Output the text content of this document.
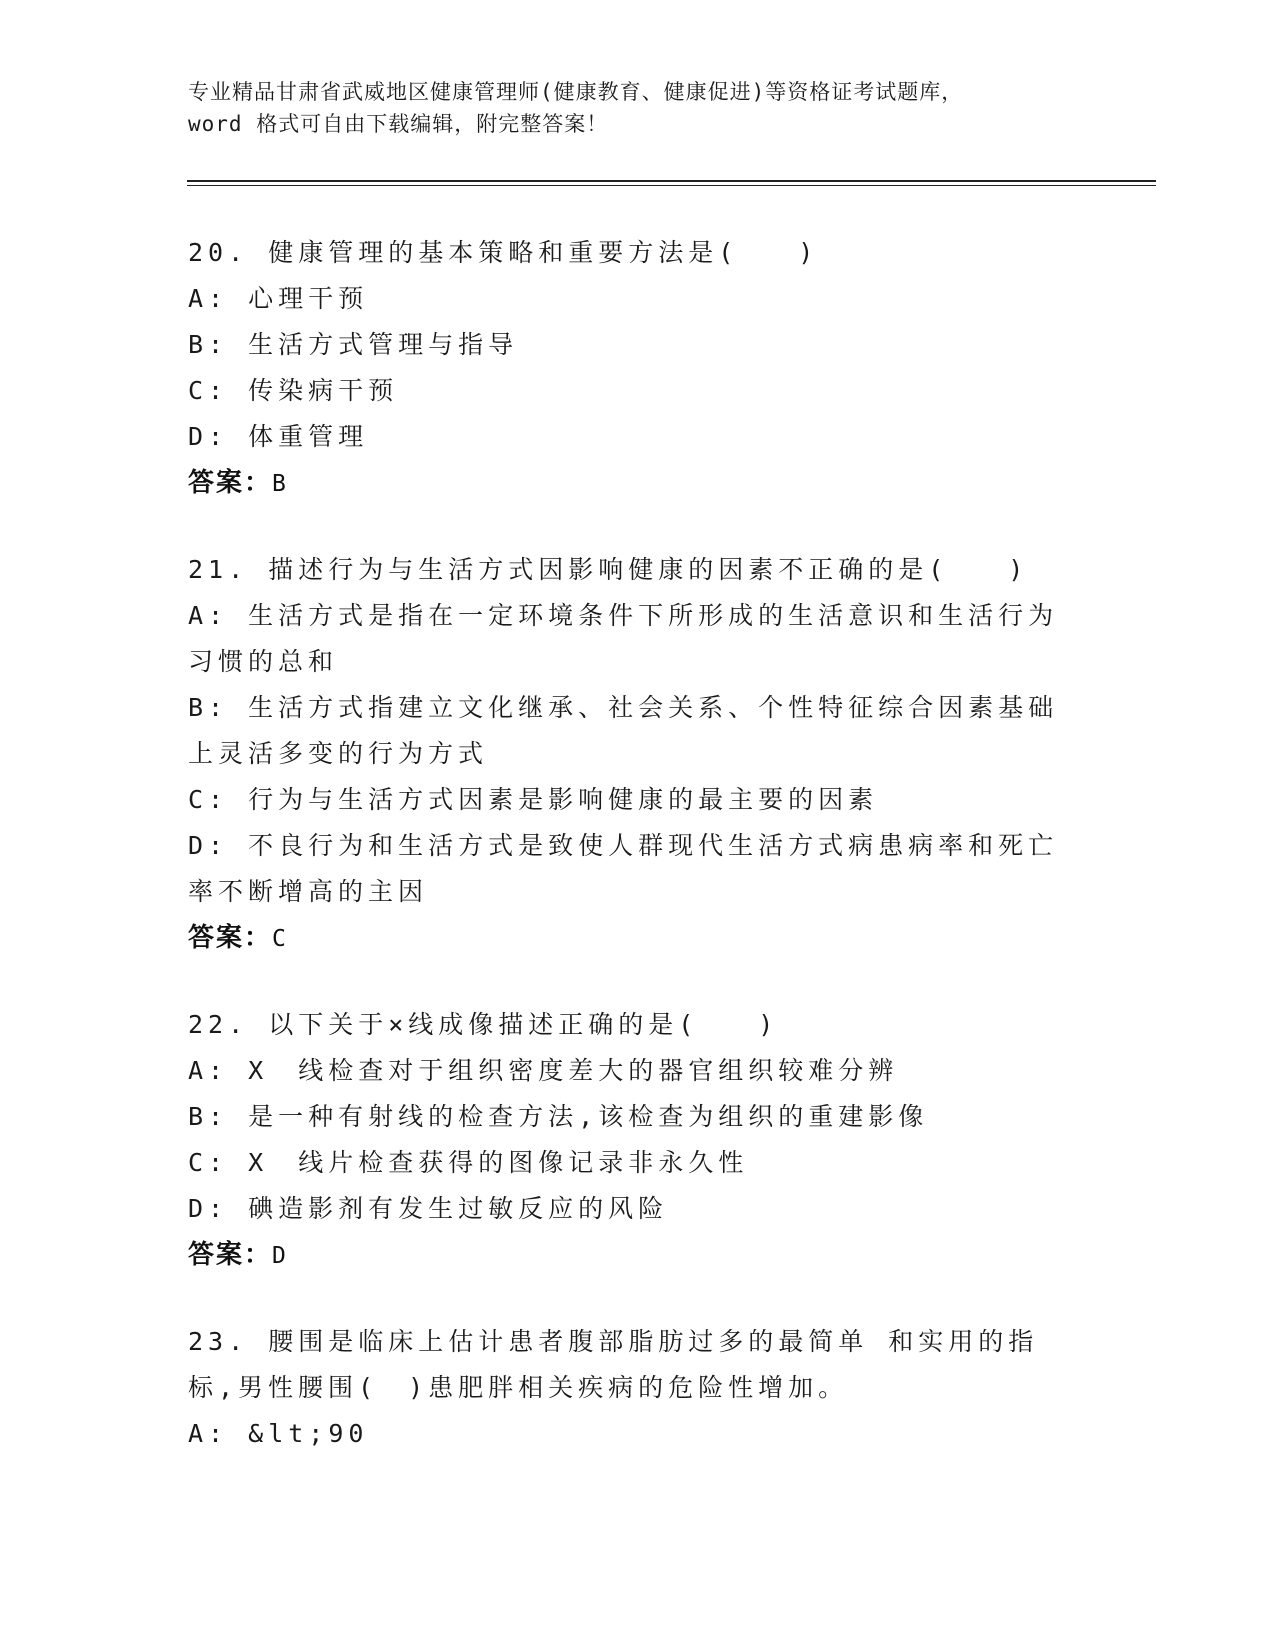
专业精品甘肃省武威地区健康管理师(健康教育、健康促进)等资格证考试题库，
word 格式可自由下载编辑，附完整答案！

20. 健康管理的基本策略和重要方法是(　　)

A: 心理干预

B: 生活方式管理与指导

C: 传染病干预

D: 体重管理

答案：B

21. 描述行为与生活方式因影响健康的因素不正确的是(　　)

A: 生活方式是指在一定环境条件下所形成的生活意识和生活行为习惯的总和

B: 生活方式指建立文化继承、社会关系、个性特征综合因素基础上灵活多变的行为方式

C: 行为与生活方式因素是影响健康的最主要的因素

D: 不良行为和生活方式是致使人群现代生活方式病患病率和死亡率不断增高的主因

答案：C

22. 以下关于×线成像描述正确的是(　　)

A: X　线检查对于组织密度差大的器官组织较难分辨

B: 是一种有射线的检查方法,该检查为组织的重建影像

C: X　线片检查获得的图像记录非永久性

D: 碘造影剂有发生过敏反应的风险

答案：D

23. 腰围是临床上估计患者腹部脂肪过多的最简单 和实用的指标,男性腰围(　)患肥胖相关疾病的危险性增加。

A: &lt;90
